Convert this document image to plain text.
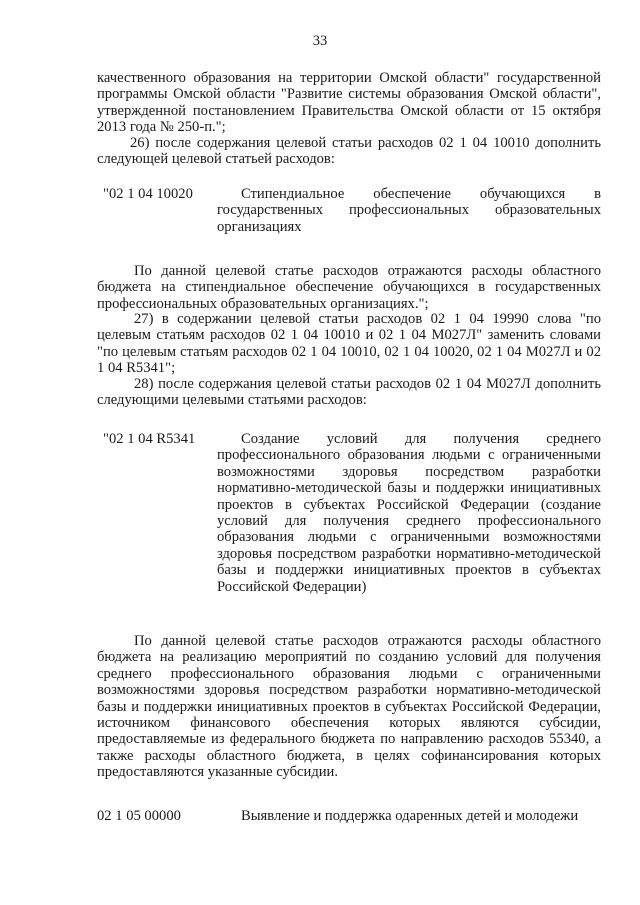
33
качественного образования на территории Омской области" государственной программы Омской области "Развитие системы образования Омской области", утвержденной постановлением Правительства Омской области от 15 октября 2013 года № 250-п.";
26) после содержания целевой статьи расходов 02 1 04 10010 дополнить следующей целевой статьей расходов:
"02 1 04 10020	Стипендиальное обеспечение обучающихся в государственных профессиональных образовательных организациях
По данной целевой статье расходов отражаются расходы областного бюджета на стипендиальное обеспечение обучающихся в государственных профессиональных образовательных организациях.";
27) в содержании целевой статьи расходов 02 1 04 19990 слова "по целевым статьям расходов 02 1 04 10010 и 02 1 04 М027Л" заменить словами "по целевым статьям расходов 02 1 04 10010, 02 1 04 10020, 02 1 04 М027Л и 02 1 04 R5341";
28) после содержания целевой статьи расходов 02 1 04 М027Л дополнить следующими целевыми статьями расходов:
"02 1 04 R5341	Создание условий для получения среднего профессионального образования людьми с ограниченными возможностями здоровья посредством разработки нормативно-методической базы и поддержки инициативных проектов в субъектах Российской Федерации (создание условий для получения среднего профессионального образования людьми с ограниченными возможностями здоровья посредством разработки нормативно-методической базы и поддержки инициативных проектов в субъектах Российской Федерации)
По данной целевой статье расходов отражаются расходы областного бюджета на реализацию мероприятий по созданию условий для получения среднего профессионального образования людьми с ограниченными возможностями здоровья посредством разработки нормативно-методической базы и поддержки инициативных проектов в субъектах Российской Федерации, источником финансового обеспечения которых являются субсидии, предоставляемые из федерального бюджета по направлению расходов 55340, а также расходы областного бюджета, в целях софинансирования которых предоставляются указанные субсидии.
02 1 05 00000	Выявление и поддержка одаренных детей и молодежи
